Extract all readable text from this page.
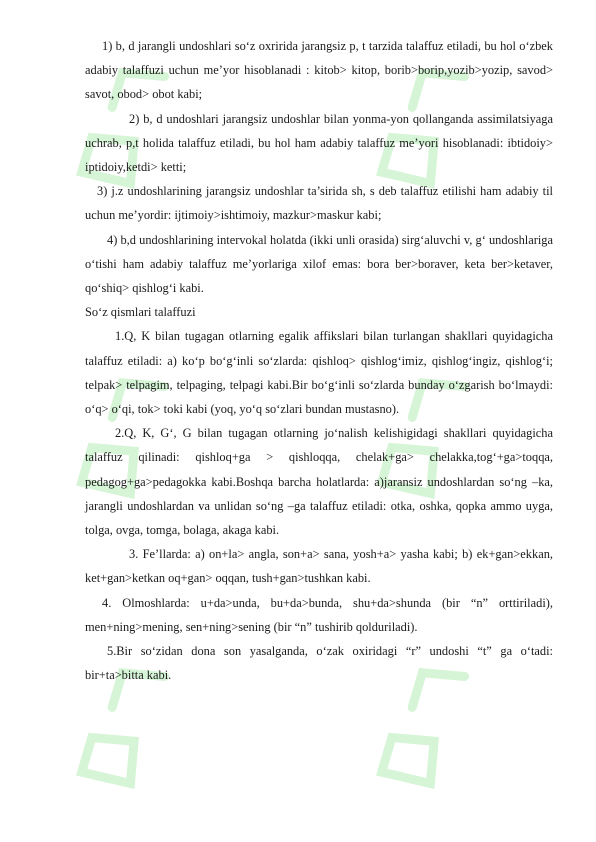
1) b, d jarangli undoshlari so‘z oxririda jarangsiz p, t tarzida talaffuz etiladi, bu hol o‘zbek adabiy talaffuzi uchun me’yor hisoblanadi : kitob> kitop, borib>borip,yozib>yozip, savod> savot, obod> obot kabi;

2) b, d undoshlari jarangsiz undoshlar bilan yonma-yon qollanganda assimilatsiyaga uchrab, p,t holida talaffuz etiladi, bu hol ham adabiy talaffuz me’yori hisoblanadi: ibtidoiy> iptidoiy,ketdi> ketti;

3) j.z undoshlarining jarangsiz undoshlar ta’sirida sh, s deb talaffuz etilishi ham adabiy til uchun me’yordir: ijtimoiy>ishtimoiy, mazkur>maskur kabi;

4) b,d undoshlarining intervokal holatda (ikki unli orasida) sirg‘aluvchi v, g‘ undoshlariga o‘tishi ham adabiy talaffuz me’yorlariga xilof emas: bora ber>boraver, keta ber>ketaver, qo‘shiq> qishlog‘i kabi.

So‘z qismlari talaffuzi

1.Q, K bilan tugagan otlarning egalik affikslari bilan turlangan shakllari quyidagicha talaffuz etiladi: a) ko‘p bo‘g‘inli so‘zlarda: qishloq> qishlog‘imiz, qishlog‘ingiz, qishlog‘i; telpak> telpagim, telpaging, telpagi kabi.Bir bo‘g‘inli so‘zlarda bunday o‘zgarish bo‘lmaydi: o‘q> o‘qi, tok> toki kabi (yoq, yo‘q so‘zlari bundan mustasno).

2.Q, K, G‘, G bilan tugagan otlarning jo‘nalish kelishigidagi shakllari quyidagicha talaffuz qilinadi: qishloq+ga > qishloqqa, chelak+ga> chelakka,tog‘+ga>toqqa, pedagog+ga>pedagokka kabi.Boshqa barcha holatlarda: a)jaransiz undoshlardan so‘ng –ka, jarangli undoshlardan va unlidan so‘ng –ga talaffuz etiladi: otka, oshka, qopka ammo uyga, tolga, ovga, tomga, bolaga, akaga kabi.

3. Fe’llarda: a) on+la> angla, son+a> sana, yosh+a> yasha kabi; b) ek+gan>ekkan, ket+gan>ketkan oq+gan> oqqan, tush+gan>tushkan kabi.

4. Olmoshlarda: u+da>unda, bu+da>bunda, shu+da>shunda (bir “n” orttiriladi), men+ning>mening, sen+ning>sening (bir “n” tushirib qolduriladi).

5.Bir so‘zidan dona son yasalganda, o‘zak oxiridagi “r” undoshi “t” ga o‘tadi: bir+ta>bitta kabi.
